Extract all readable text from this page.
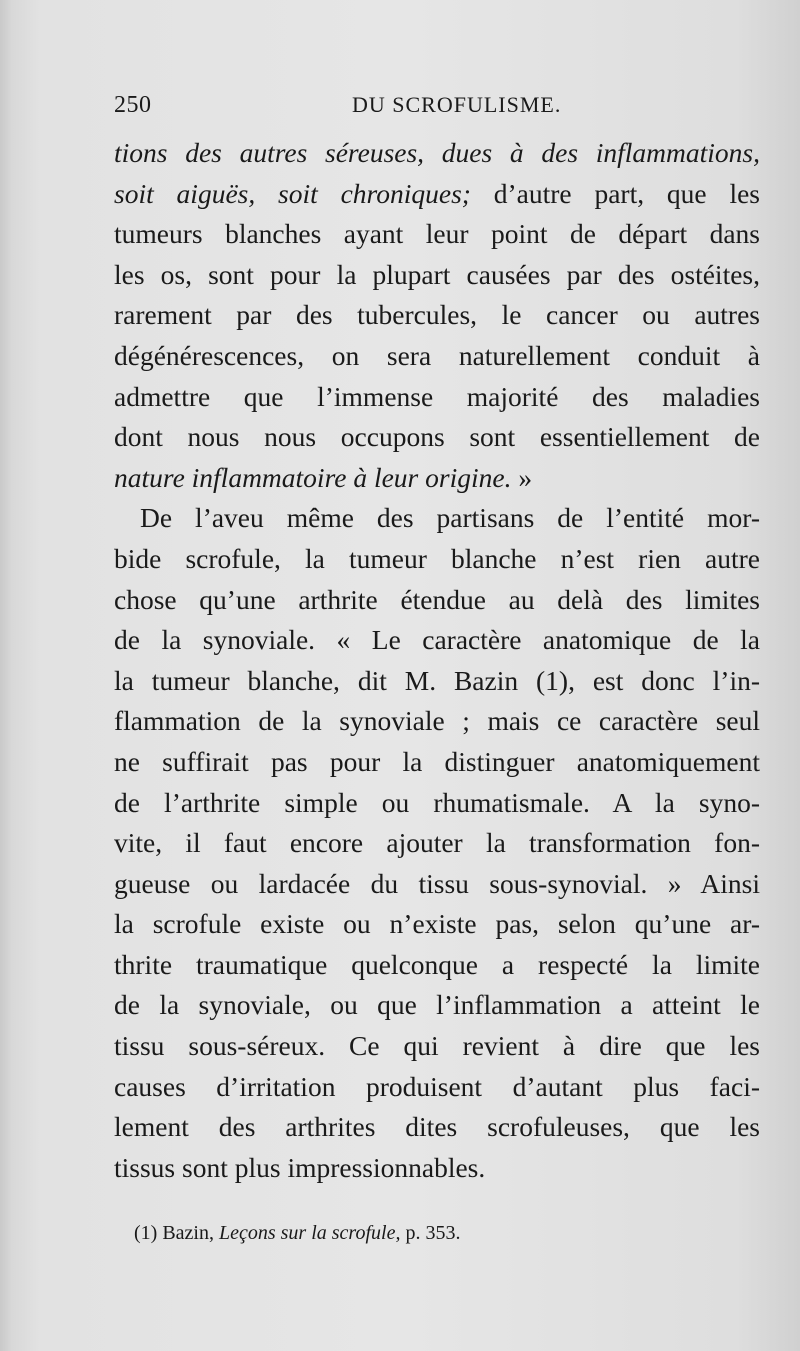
250	DU SCROFULISME.
tions des autres séreuses, dues à des inflammations,
soit aiguës, soit chroniques; d’autre part, que les
tumeurs blanches ayant leur point de départ dans
les os, sont pour la plupart causées par des ostéites,
rarement par des tubercules, le cancer ou autres
dégénérescences, on sera naturellement conduit à
admettre que l’immense majorité des maladies
dont nous nous occupons sont essentiellement de
nature inflammatoire à leur origine. »
De l’aveu même des partisans de l’entité mor-
bide scrofule, la tumeur blanche n’est rien autre
chose qu’une arthrite étendue au delà des limites
de la synoviale. « Le caractère anatomique de la
la tumeur blanche, dit M. Bazin (1), est donc l’in-
flammation de la synoviale ; mais ce caractère seul
ne suffirait pas pour la distinguer anatomiquement
de l’arthrite simple ou rhumatismale. A la syno-
vite, il faut encore ajouter la transformation fon-
gueuse ou lardacée du tissu sous-synovial. » Ainsi
la scrofule existe ou n’existe pas, selon qu’une ar-
thrite traumatique quelconque a respecté la limite
de la synoviale, ou que l’inflammation a atteint le
tissu sous-séreux. Ce qui revient à dire que les
causes d’irritation produisent d’autant plus faci-
lement des arthrites dites scrofuleuses, que les
tissus sont plus impressionnables.
(1) Bazin, Leçons sur la scrofule, p. 353.
